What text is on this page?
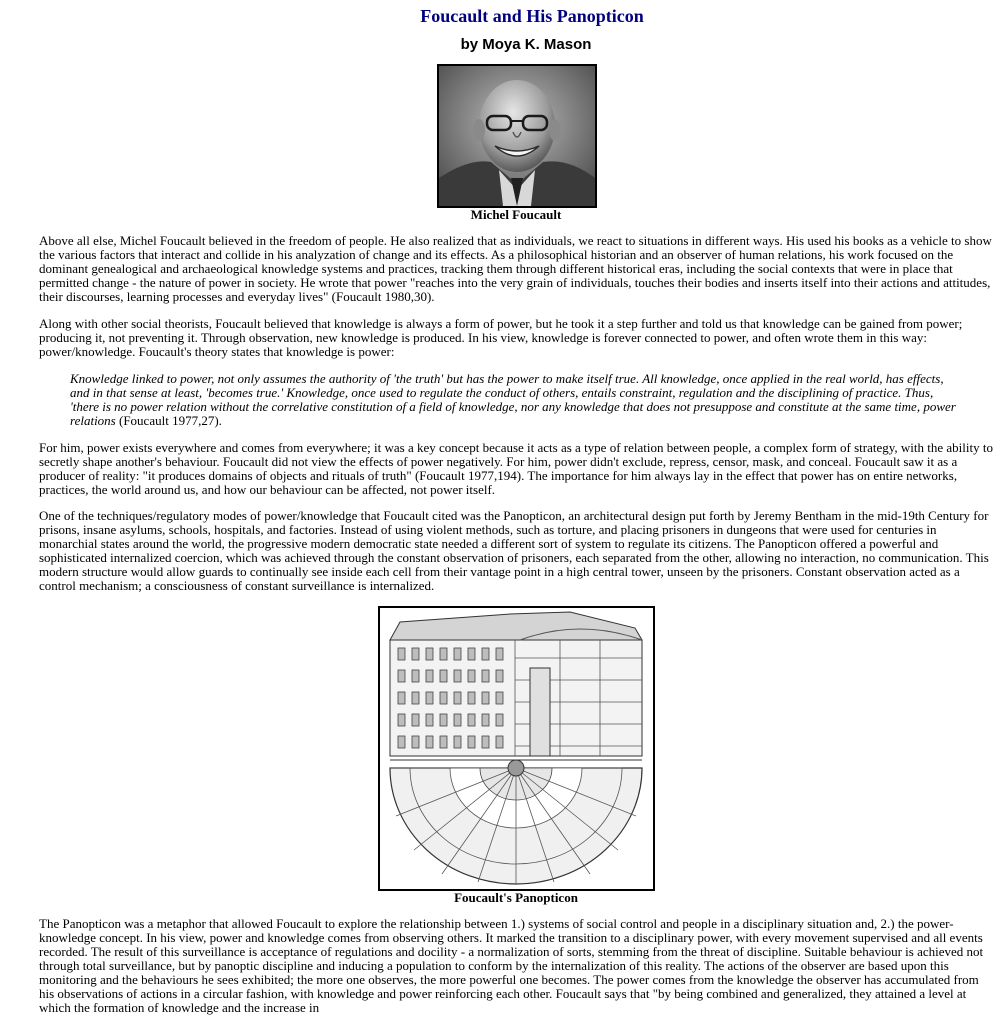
Foucault and His Panopticon
by Moya K. Mason
Michel Foucault

Above all else, Michel Foucault believed in the freedom of people. He also realized that as individuals, we react to situations in different ways. His used his books as a vehicle to show the various factors that interact and collide in his analyzation of change and its effects. As a philosophical historian and an observer of human relations, his work focused on the dominant genealogical and archaeological knowledge systems and practices, tracking them through different historical eras, including the social contexts that were in place that permitted change - the nature of power in society. He wrote that power "reaches into the very grain of individuals, touches their bodies and inserts itself into their actions and attitudes, their discourses, learning processes and everyday lives" (Foucault 1980,30).

Along with other social theorists, Foucault believed that knowledge is always a form of power, but he took it a step further and told us that knowledge can be gained from power; producing it, not preventing it. Through observation, new knowledge is produced. In his view, knowledge is forever connected to power, and often wrote them in this way: power/knowledge. Foucault's theory states that knowledge is power:

Knowledge linked to power, not only assumes the authority of 'the truth' but has the power to make itself true. All knowledge, once applied in the real world, has effects, and in that sense at least, 'becomes true.' Knowledge, once used to regulate the conduct of others, entails constraint, regulation and the disciplining of practice. Thus, 'there is no power relation without the correlative constitution of a field of knowledge, nor any knowledge that does not presuppose and constitute at the same time, power relations (Foucault 1977,27).

For him, power exists everywhere and comes from everywhere; it was a key concept because it acts as a type of relation between people, a complex form of strategy, with the ability to secretly shape another's behaviour. Foucault did not view the effects of power negatively. For him, power didn't exclude, repress, censor, mask, and conceal. Foucault saw it as a producer of reality: "it produces domains of objects and rituals of truth" (Foucault 1977,194). The importance for him always lay in the effect that power has on entire networks, practices, the world around us, and how our behaviour can be affected, not power itself.

One of the techniques/regulatory modes of power/knowledge that Foucault cited was the Panopticon, an architectural design put forth by Jeremy Bentham in the mid-19th Century for prisons, insane asylums, schools, hospitals, and factories. Instead of using violent methods, such as torture, and placing prisoners in dungeons that were used for centuries in monarchial states around the world, the progressive modern democratic state needed a different sort of system to regulate its citizens. The Panopticon offered a powerful and sophisticated internalized coercion, which was achieved through the constant observation of prisoners, each separated from the other, allowing no interaction, no communication. This modern structure would allow guards to continually see inside each cell from their vantage point in a high central tower, unseen by the prisoners. Constant observation acted as a control mechanism; a consciousness of constant surveillance is internalized.

Foucault's Panopticon

The Panopticon was a metaphor that allowed Foucault to explore the relationship between 1.) systems of social control and people in a disciplinary situation and, 2.) the power-knowledge concept. In his view, power and knowledge comes from observing others. It marked the transition to a disciplinary power, with every movement supervised and all events recorded. The result of this surveillance is acceptance of regulations and docility - a normalization of sorts, stemming from the threat of discipline. Suitable behaviour is achieved not through total surveillance, but by panoptic discipline and inducing a population to conform by the internalization of this reality. The actions of the observer are based upon this monitoring and the behaviours he sees exhibited; the more one observes, the more powerful one becomes. The power comes from the knowledge the observer has accumulated from his observations of actions in a circular fashion, with knowledge and power reinforcing each other. Foucault says that "by being combined and generalized, they attained a level at which the formation of knowledge and the increase in
